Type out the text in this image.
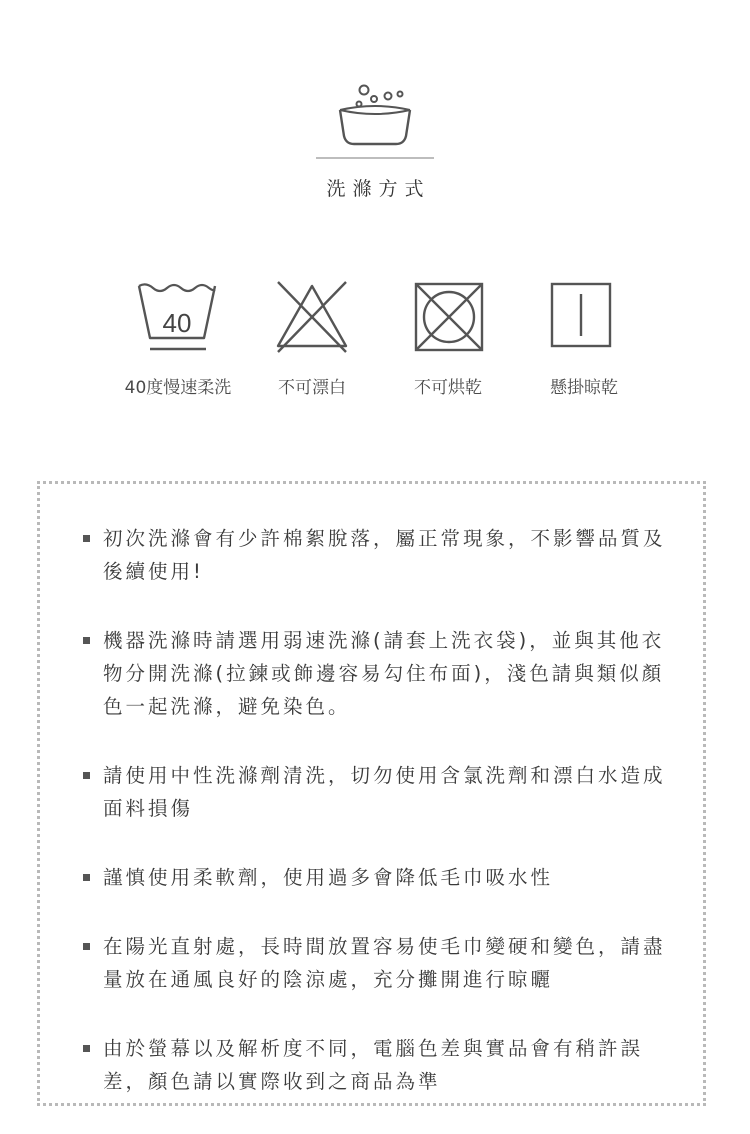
洗滌方式
40
40度慢速柔洗	不可漂白	不可烘乾	懸掛晾乾
初次洗滌會有少許棉絮脫落，屬正常現象，不影響品質及後續使用!
機器洗滌時請選用弱速洗滌(請套上洗衣袋)，並與其他衣物分開洗滌(拉鍊或飾邊容易勾住布面)，淺色請與類似顏色一起洗滌，避免染色。
請使用中性洗滌劑清洗，切勿使用含氯洗劑和漂白水造成面料損傷
謹慎使用柔軟劑，使用過多會降低毛巾吸水性
在陽光直射處，長時間放置容易使毛巾變硬和變色，請盡量放在通風良好的陰涼處，充分攤開進行晾曬
由於螢幕以及解析度不同，電腦色差與實品會有稍許誤差，顏色請以實際收到之商品為準
